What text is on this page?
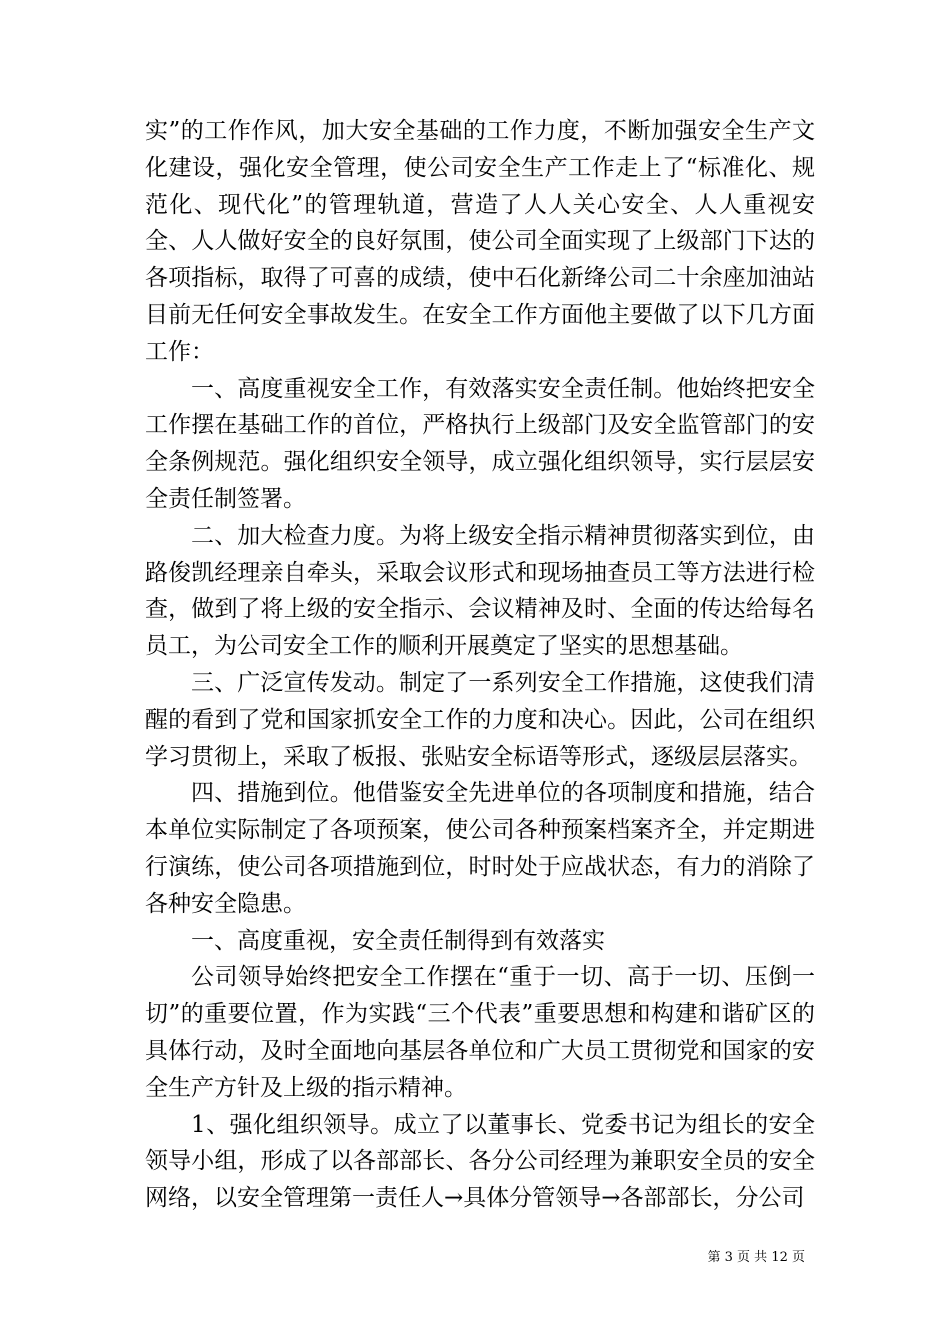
实”的工作作风，加大安全基础的工作力度，不断加强安全生产文化建设，强化安全管理，使公司安全生产工作走上了“标准化、规范化、现代化”的管理轨道，营造了人人关心安全、人人重视安全、人人做好安全的良好氛围，使公司全面实现了上级部门下达的各项指标，取得了可喜的成绩，使中石化新绛公司二十余座加油站目前无任何安全事故发生。在安全工作方面他主要做了以下几方面工作：

一、高度重视安全工作，有效落实安全责任制。他始终把安全工作摆在基础工作的首位，严格执行上级部门及安全监管部门的安全条例规范。强化组织安全领导，成立强化组织领导，实行层层安全责任制签署。

二、加大检查力度。为将上级安全指示精神贯彻落实到位，由路俊凯经理亲自牵头，采取会议形式和现场抽查员工等方法进行检查，做到了将上级的安全指示、会议精神及时、全面的传达给每名员工，为公司安全工作的顺利开展奠定了坚实的思想基础。

三、广泛宣传发动。制定了一系列安全工作措施，这使我们清醒的看到了党和国家抓安全工作的力度和决心。因此，公司在组织学习贯彻上，采取了板报、张贴安全标语等形式，逐级层层落实。

四、措施到位。他借鉴安全先进单位的各项制度和措施，结合本单位实际制定了各项预案，使公司各种预案档案齐全，并定期进行演练，使公司各项措施到位，时时处于应战状态，有力的消除了各种安全隐患。

一、高度重视，安全责任制得到有效落实

公司领导始终把安全工作摆在“重于一切、高于一切、压倒一切”的重要位置，作为实践“三个代表”重要思想和构建和谐矿区的具体行动，及时全面地向基层各单位和广大员工贯彻党和国家的安全生产方针及上级的指示精神。

1、强化组织领导。成立了以董事长、党委书记为组长的安全领导小组，形成了以各部部长、各分公司经理为兼职安全员的安全网络，以安全管理第一责任人→具体分管领导→各部部长，分公司

第 3 页 共 12 页
